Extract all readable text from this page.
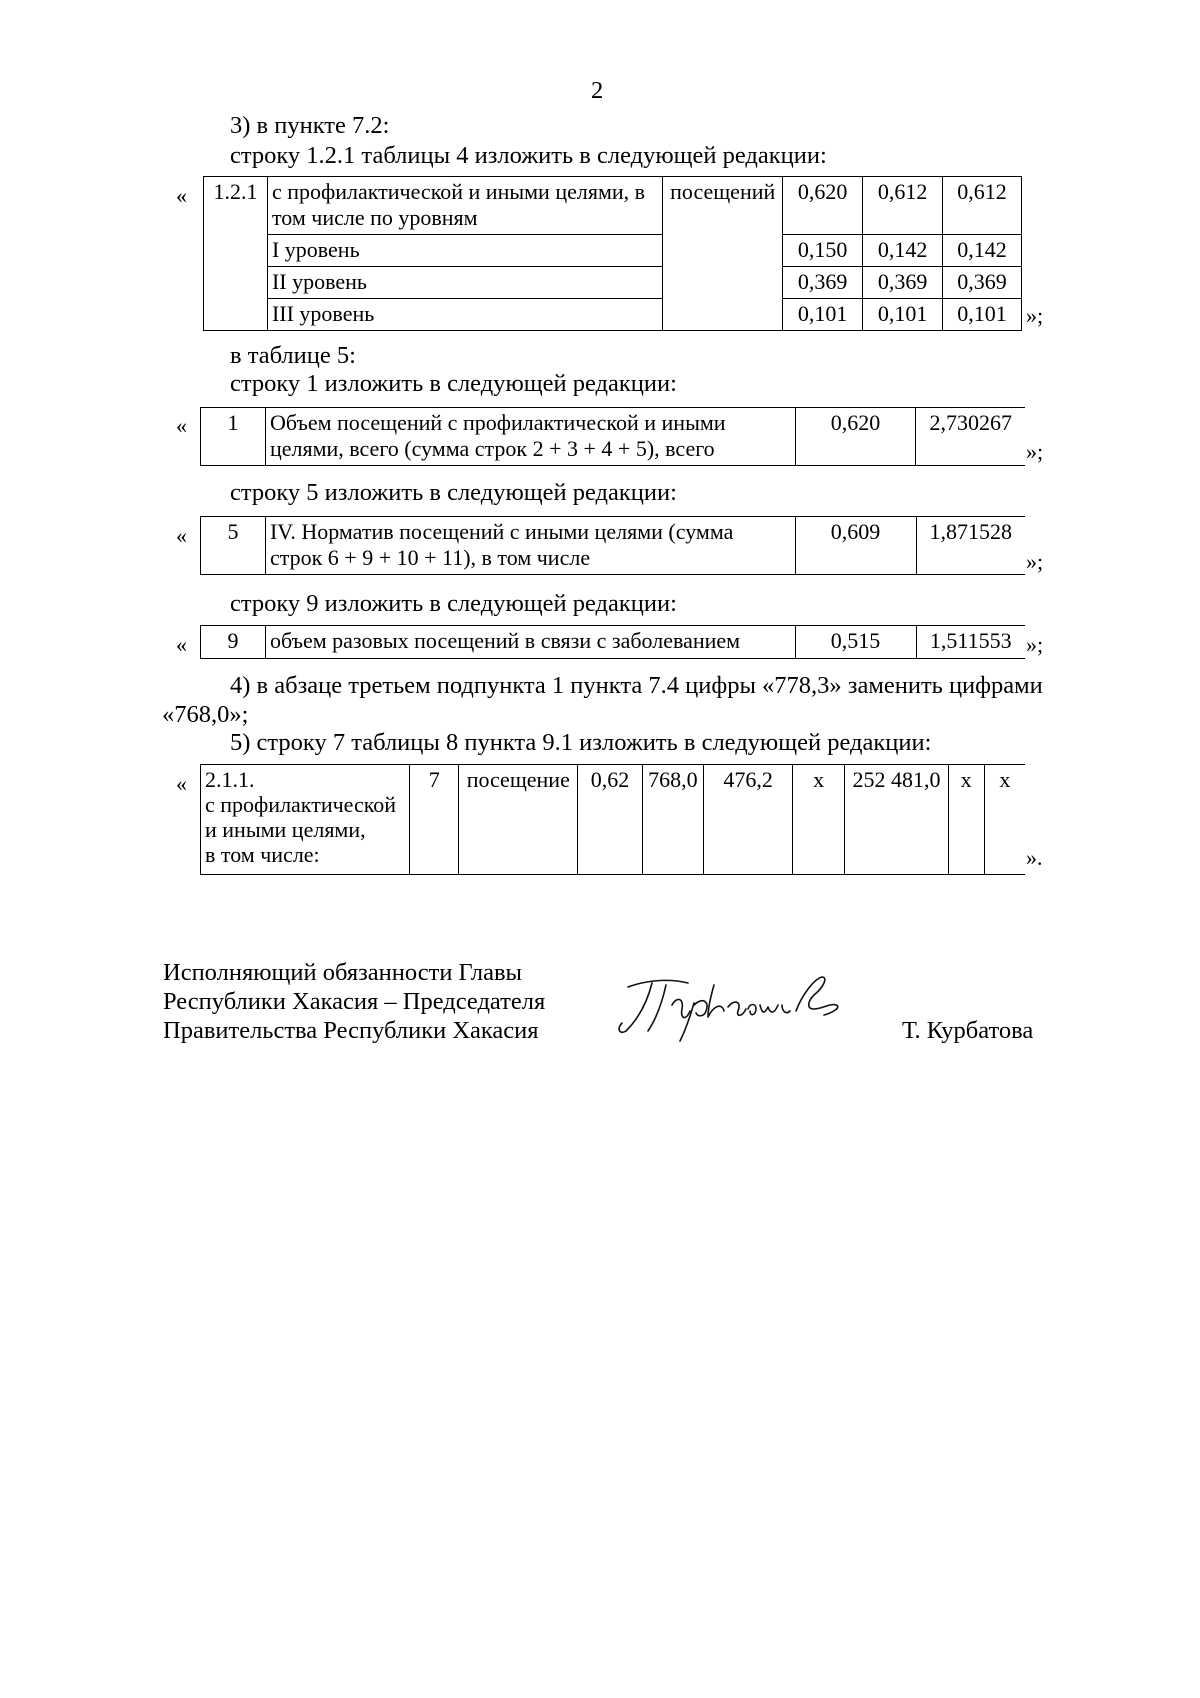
2
3) в пункте 7.2:
строку 1.2.1 таблицы 4 изложить в следующей редакции:
« 1.2.1	с профилактической и иными целями, в том числе по уровням	посещений	0,620	0,612	0,612
	I уровень		0,150	0,142	0,142
	II уровень		0,369	0,369	0,369
	III уровень		0,101	0,101	0,101 »;
в таблице 5:
строку 1 изложить в следующей редакции:
« 1	Объем посещений с профилактической и иными целями, всего (сумма строк 2 + 3 + 4 + 5), всего	0,620	2,730267
»;
строку 5 изложить в следующей редакции:
« 5	IV. Норматив посещений с иными целями (сумма строк 6 + 9 + 10 + 11), в том числе	0,609	1,871528
»;
строку 9 изложить в следующей редакции:
« 9	объем разовых посещений в связи с заболеванием	0,515	1,511553 »;
4) в абзаце третьем подпункта 1 пункта 7.4 цифры «778,3» заменить цифрами
«768,0»;
5) строку 7 таблицы 8 пункта 9.1 изложить в следующей редакции:
« 2.1.1.
с профилактической
и иными целями,
в том числе:	7	посещение	0,62	768,0	476,2	х	252 481,0	х	х
».
Исполняющий обязанности Главы
Республики Хакасия – Председателя
Правительства Республики Хакасия	Т. Курбатова
